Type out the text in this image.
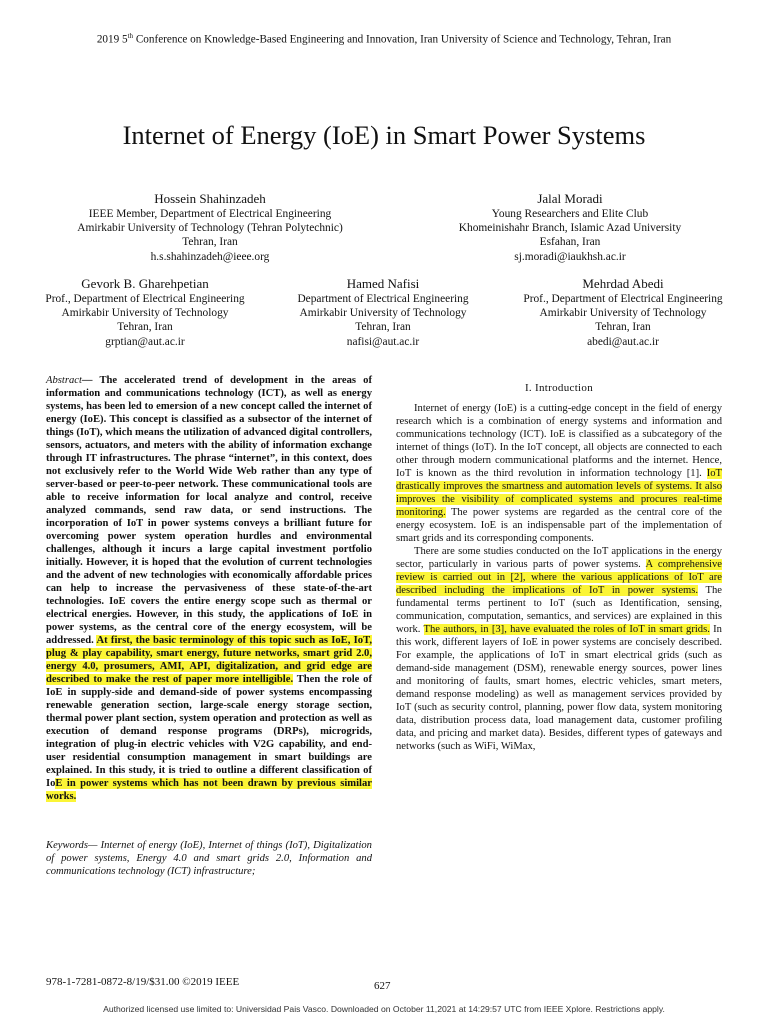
2019 5th Conference on Knowledge-Based Engineering and Innovation, Iran University of Science and Technology, Tehran, Iran
Internet of Energy (IoE) in Smart Power Systems
Hossein Shahinzadeh
IEEE Member, Department of Electrical Engineering
Amirkabir University of Technology (Tehran Polytechnic)
Tehran, Iran
h.s.shahinzadeh@ieee.org
Jalal Moradi
Young Researchers and Elite Club
Khomeinishahr Branch, Islamic Azad University
Esfahan, Iran
sj.moradi@iaukhsh.ac.ir
Gevork B. Gharehpetian
Prof., Department of Electrical Engineering
Amirkabir University of Technology
Tehran, Iran
grptian@aut.ac.ir
Hamed Nafisi
Department of Electrical Engineering
Amirkabir University of Technology
Tehran, Iran
nafisi@aut.ac.ir
Mehrdad Abedi
Prof., Department of Electrical Engineering
Amirkabir University of Technology
Tehran, Iran
abedi@aut.ac.ir
Abstract— The accelerated trend of development in the areas of information and communications technology (ICT), as well as energy systems, has been led to emersion of a new concept called the internet of energy (IoE). This concept is classified as a subsector of the internet of things (IoT), which means the utilization of advanced digital controllers, sensors, actuators, and meters with the ability of information exchange through IT infrastructures. The phrase “internet”, in this context, does not exclusively refer to the World Wide Web rather than any type of server-based or peer-to-peer network. These communicational tools are able to receive information for local analyze and control, receive analyzed commands, send raw data, or send instructions. The incorporation of IoT in power systems conveys a brilliant future for overcoming power system operation hurdles and environmental challenges, although it incurs a large capital investment portfolio initially. However, it is hoped that the evolution of current technologies and the advent of new technologies with economically affordable prices can help to increase the pervasiveness of these state-of-the-art technologies. IoE covers the entire energy scope such as thermal or electrical energies. However, in this study, the applications of IoE in power systems, as the central core of the energy ecosystem, will be addressed. At first, the basic terminology of this topic such as IoE, IoT, plug & play capability, smart energy, future networks, smart grid 2.0, energy 4.0, prosumers, AMI, API, digitalization, and grid edge are described to make the rest of paper more intelligible. Then the role of IoE in supply-side and demand-side of power systems encompassing renewable generation section, large-scale energy storage section, thermal power plant section, system operation and protection as well as execution of demand response programs (DRPs), microgrids, integration of plug-in electric vehicles with V2G capability, and end-user residential consumption management in smart buildings are explained. In this study, it is tried to outline a different classification of IoE in power systems which has not been drawn by previous similar works.
Keywords— Internet of energy (IoE), Internet of things (IoT), Digitalization of power systems, Energy 4.0 and smart grids 2.0, Information and communications technology (ICT) infrastructure;
I. Introduction

Internet of energy (IoE) is a cutting-edge concept in the field of energy research which is a combination of energy systems and information and communications technology (ICT). IoE is classified as a subcategory of the internet of things (IoT). In the IoT concept, all objects are connected to each other through modern communicational platforms and the internet. Hence, IoT is known as the third revolution in information technology [1]. IoT drastically improves the smartness and automation levels of systems. It also improves the visibility of complicated systems and procures real-time monitoring. The power systems are regarded as the central core of the energy ecosystem. IoE is an indispensable part of the implementation of smart grids and its corresponding components.

There are some studies conducted on the IoT applications in the energy sector, particularly in various parts of power systems. A comprehensive review is carried out in [2], where the various applications of IoT are described including the implications of IoT in power systems. The fundamental terms pertinent to IoT (such as Identification, sensing, communication, computation, semantics, and services) are explained in this work. The authors, in [3], have evaluated the roles of IoT in smart grids. In this work, different layers of IoE in power systems are concisely described. For example, the applications of IoT in smart electrical grids (such as demand-side management (DSM), renewable energy sources, power lines and monitoring of faults, smart homes, electric vehicles, smart meters, demand response modeling) as well as management services provided by IoT (such as security control, planning, power flow data, system monitoring data, distribution process data, load management data, customer profiling data, and pricing and market data). Besides, different types of gateways and networks (such as WiFi, WiMax,

978-1-7281-0872-8/19/$31.00 ©2019 IEEE	627
Authorized licensed use limited to: Universidad Pais Vasco. Downloaded on October 11,2021 at 14:29:57 UTC from IEEE Xplore. Restrictions apply.
